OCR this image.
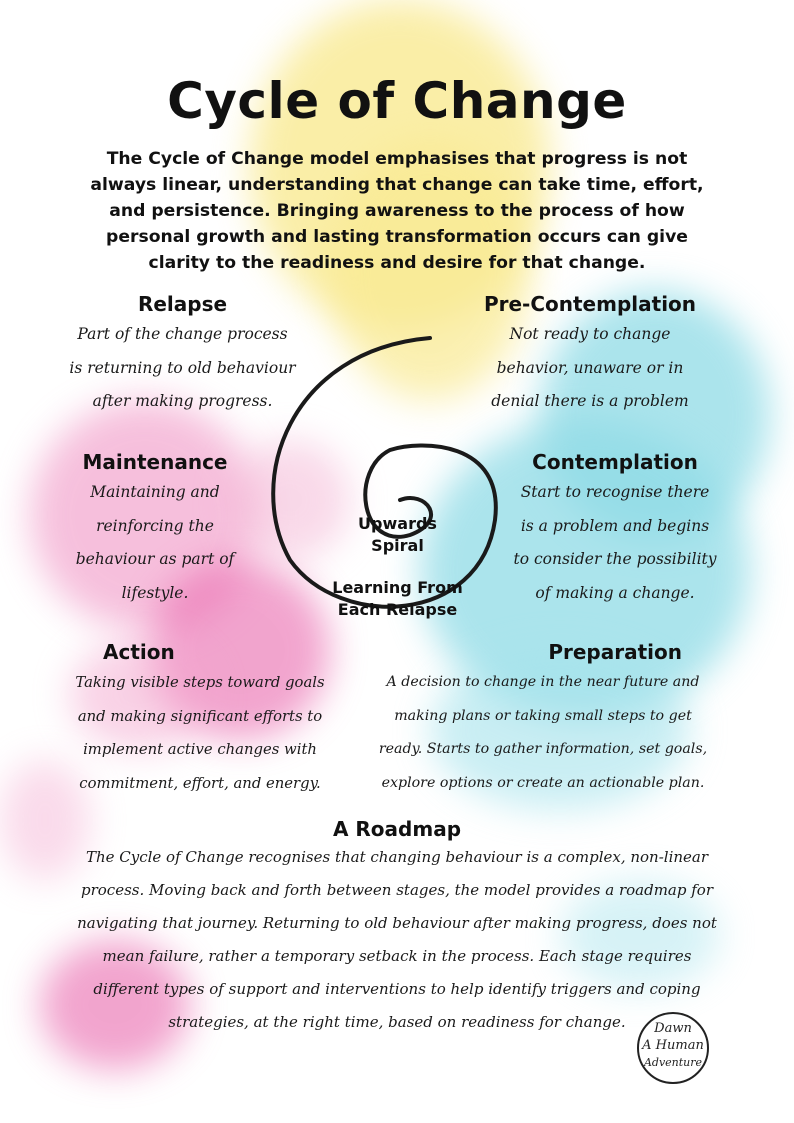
Cycle of Change

The Cycle of Change model emphasises that progress is not always linear, understanding that change can take time, effort, and persistence. Bringing awareness to the process of how personal growth and lasting transformation occurs can give clarity to the readiness and desire for that change.

Upwards
Spiral
Learning From
Each Relapse
Relapse

Part of the change process
is returning to old behaviour
after making progress.

Pre-Contemplation

Not ready to change
behavior, unaware or in
denial there is a problem

Maintenance

Maintaining and
reinforcing the
behaviour as part of
lifestyle.

Contemplation

Start to recognise there
is a problem and begins
to consider the possibility
of making a change.

Action

Taking visible steps toward goals
and making significant efforts to
implement active changes with
commitment, effort, and energy.

Preparation

A decision to change in the near future and
making plans or taking small steps to get
ready. Starts to gather information, set goals,
explore options or create an actionable plan.

A Roadmap

The Cycle of Change recognises that changing behaviour is a complex, non-linear
process. Moving back and forth between stages, the model provides a roadmap for
navigating that journey. Returning to old behaviour after making progress, does not
mean failure, rather a temporary setback in the process. Each stage requires
different types of support and interventions to help identify triggers and coping
strategies, at the right time, based on readiness for change.	Dawn
A Human
Adventure
